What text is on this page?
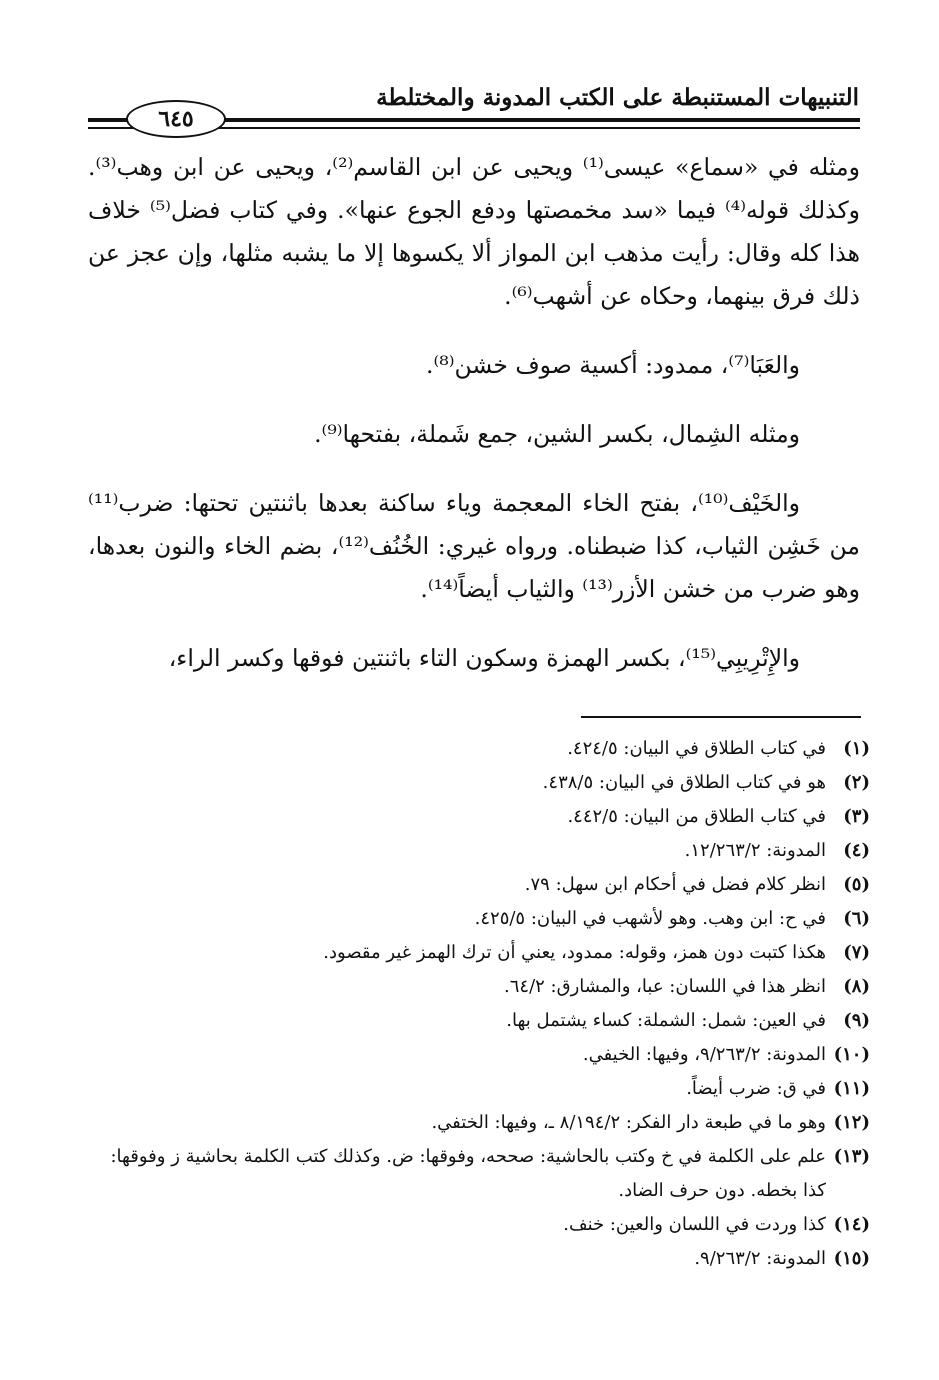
التنبيهات المستنبطة على الكتب المدونة والمختلطة
٦٤٥

ومثله في «سماع» عيسى⁽¹⁾ ويحيى عن ابن القاسم⁽²⁾، ويحيى عن ابن وهب⁽³⁾. وكذلك قوله⁽⁴⁾ فيما «سد مخمصتها ودفع الجوع عنها». وفي كتاب فضل⁽⁵⁾ خلاف هذا كله وقال: رأيت مذهب ابن المواز ألا يكسوها إلا ما يشبه مثلها، وإن عجز عن ذلك فرق بينهما، وحكاه عن أشهب⁽⁶⁾.

والعَبَا⁽⁷⁾، ممدود: أكسية صوف خشن⁽⁸⁾.

ومثله الشِمال، بكسر الشين، جمع شَملة، بفتحها⁽⁹⁾.

والخَيْف⁽¹⁰⁾، بفتح الخاء المعجمة وياء ساكنة بعدها باثنتين تحتها: ضرب⁽¹¹⁾ من خَشِن الثياب، كذا ضبطناه. ورواه غيري: الخُنُف⁽¹²⁾، بضم الخاء والنون بعدها، وهو ضرب من خشن الأزر⁽¹³⁾ والثياب أيضاً⁽¹⁴⁾.

والإِتْرِيبِي⁽¹⁵⁾، بكسر الهمزة وسكون التاء باثنتين فوقها وكسر الراء،

(١)
في كتاب الطلاق في البيان: ٤٢٤/٥.
(٢)
هو في كتاب الطلاق في البيان: ٤٣٨/٥.
(٣)
في كتاب الطلاق من البيان: ٤٤٢/٥.
(٤)
المدونة: ١٢/٢٦٣/٢.
(٥)
انظر كلام فضل في أحكام ابن سهل: ٧٩.
(٦)
في ح: ابن وهب. وهو لأشهب في البيان: ٤٢٥/٥.
(٧)
هكذا كتبت دون همز، وقوله: ممدود، يعني أن ترك الهمز غير مقصود.
(٨)
انظر هذا في اللسان: عبا، والمشارق: ٦٤/٢.
(٩)
في العين: شمل: الشملة: كساء يشتمل بها.
(١٠)
المدونة: ٩/٢٦٣/٢، وفيها: الخيفي.
(١١)
في ق: ضرب أيضاً.
(١٢)
وهو ما في طبعة دار الفكر: ٨/١٩٤/٢ ـ، وفيها: الختفي.
(١٣)
علم على الكلمة في خ وكتب بالحاشية: صححه، وفوقها: ض. وكذلك كتب الكلمة بحاشية ز وفوقها: كذا بخطه. دون حرف الضاد.
(١٤)
كذا وردت في اللسان والعين: خنف.
(١٥)
المدونة: ٩/٢٦٣/٢.
